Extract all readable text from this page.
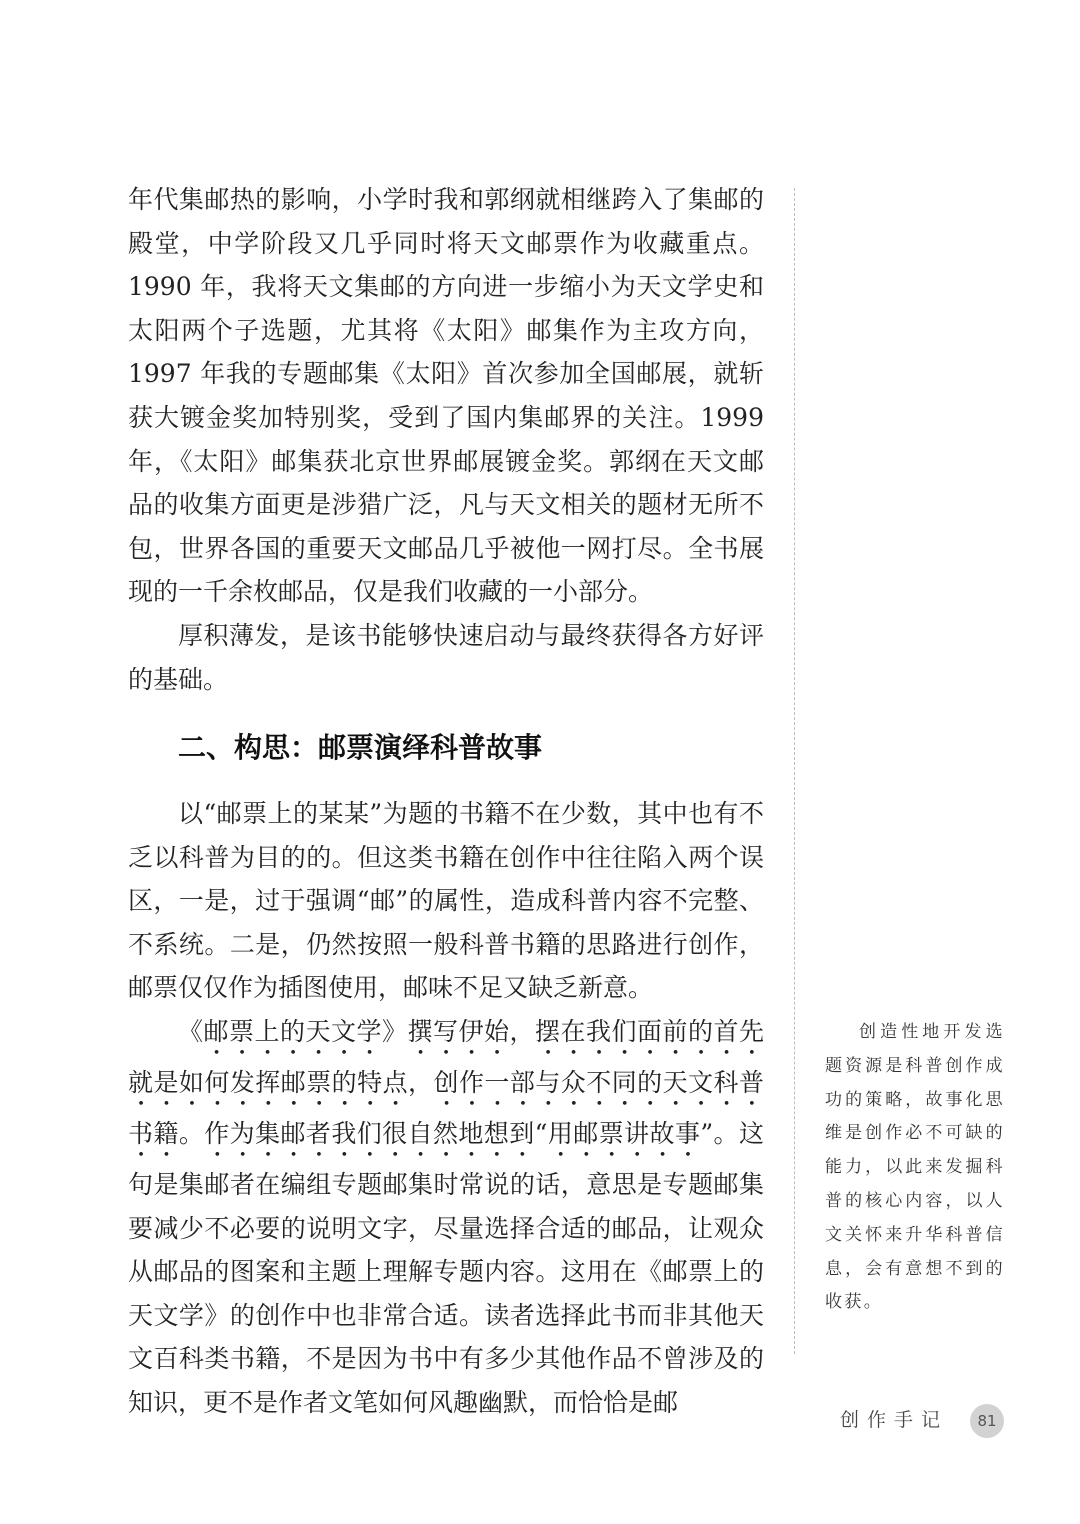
年代集邮热的影响，小学时我和郭纲就相继跨入了集邮的殿堂，中学阶段又几乎同时将天文邮票作为收藏重点。1990 年，我将天文集邮的方向进一步缩小为天文学史和太阳两个子选题，尤其将《太阳》邮集作为主攻方向，1997 年我的专题邮集《太阳》首次参加全国邮展，就斩获大镀金奖加特别奖，受到了国内集邮界的关注。1999 年，《太阳》邮集获北京世界邮展镀金奖。郭纲在天文邮品的收集方面更是涉猎广泛，凡与天文相关的题材无所不包，世界各国的重要天文邮品几乎被他一网打尽。全书展现的一千余枚邮品，仅是我们收藏的一小部分。

厚积薄发，是该书能够快速启动与最终获得各方好评的基础。

二、构思：邮票演绎科普故事

以“邮票上的某某”为题的书籍不在少数，其中也有不乏以科普为目的的。但这类书籍在创作中往往陷入两个误区，一是，过于强调“邮”的属性，造成科普内容不完整、不系统。二是，仍然按照一般科普书籍的思路进行创作，邮票仅仅作为插图使用，邮味不足又缺乏新意。

《邮票上的天文学》撰写伊始，摆在我们面前的首先就是如何发挥邮票的特点，创作一部与众不同的天文科普书籍。作为集邮者我们很自然地想到“用邮票讲故事”。这句是集邮者在编组专题邮集时常说的话，意思是专题邮集要减少不必要的说明文字，尽量选择合适的邮品，让观众从邮品的图案和主题上理解专题内容。这用在《邮票上的天文学》的创作中也非常合适。读者选择此书而非其他天文百科类书籍，不是因为书中有多少其他作品不曾涉及的知识，更不是作者文笔如何风趣幽默，而恰恰是邮

创造性地开发选题资源是科普创作成功的策略，故事化思维是创作必不可缺的能力，以此来发掘科普的核心内容，以人文关怀来升华科普信息，会有意想不到的收获。

创作手记	81
